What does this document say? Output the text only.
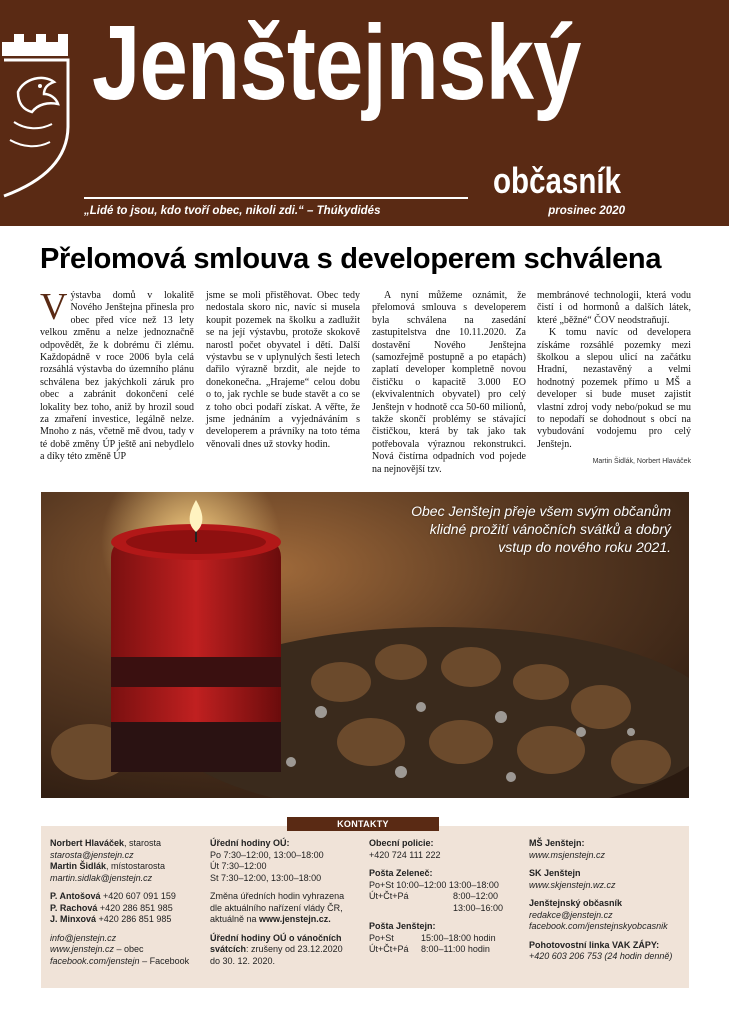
Jenštejnský
občasník
„Lidé to jsou, kdo tvoří obec, nikoli zdi.“ – Thúkydidés	prosinec 2020
Přelomová smlouva s developerem schválena

Výstavba domů v lokalitě Nového Jenštejna přinesla pro obec před více než 13 lety velkou změnu a nelze jednoznačně odpovědět, že k dobrému či zlému. Každopádně v roce 2006 byla celá rozsáhlá výstavba do územního plánu schválena bez jakýchkoli záruk pro obec a zabránit dokončení celé lokality bez toho, aniž by hrozil soud za zmaření investice, legálně nelze. Mnoho z nás, včetně mě dvou, tady v té době změny ÚP ještě ani nebydlelo a díky této změně ÚP

jsme se moli přistěhovat. Obec tedy nedostala skoro nic, navíc si musela koupit pozemek na školku a zadlužit se na její výstavbu, protože skokově narostl počet obyvatel i dětí. Další výstavbu se v uplynulých šesti letech dařilo výrazně brzdit, ale nejde to donekonečna. „Hrajeme“ celou dobu o to, jak rychle se bude stavět a co se z toho obci podaří získat. A věřte, že jsme jednáním a vyjednáváním s developerem a právníky na toto téma věnovali dnes už stovky hodin.

A nyní můžeme oznámit, že přelomová smlouva s developerem byla schválena na zasedání zastupitelstva dne 10.11.2020. Za dostavění Nového Jenštejna (samozřejmě postupně a po etapách) zaplatí developer kompletně novou čističku o kapacitě 3.000 EO (ekvivalentních obyvatel) pro celý Jenštejn v hodnotě cca 50-60 milionů, takže skončí problémy se stávající čističkou, která by tak jako tak potřebovala výraznou rekonstrukci. Nová čistírna odpadních vod pojede na nejnovější tzv.

membránové technologii, která vodu čistí i od hormonů a dalších látek, které „běžné“ ČOV neodstraňují.

K tomu navíc od developera získáme rozsáhlé pozemky mezi školkou a slepou ulicí na začátku Hradní, nezastavěný a velmi hodnotný pozemek přímo u MŠ a developer si bude muset zajistit vlastní zdroj vody nebo/pokud se mu to nepodaří se dohodnout s obcí na vybudování vodojemu pro celý Jenštejn.

Martin Šidlák, Norbert Hlaváček
Obec Jenštejn přeje všem svým občanům
klidné prožití vánočních svátků a dobrý
vstup do nového roku 2021.
KONTAKTY
Norbert Hlaváček, starosta
starosta@jenstejn.cz
Martin Šidlák, místostarosta
martin.sidlak@jenstejn.cz
P. Antošová +420 607 091 159
P. Rachová +420 286 851 985
J. Minxová +420 286 851 985
info@jenstejn.cz
www.jenstejn.cz – obec
facebook.com/jenstejn – Facebook
Úřední hodiny OÚ:
Po 7:30–12:00, 13:00–18:00
Út 7:30–12:00
St 7:30–12:00, 13:00–18:00
Změna úředních hodin vyhrazena
dle aktuálního nařízení vlády ČR,
aktuálně na www.jenstejn.cz.
Úřední hodiny OÚ o vánočních
svátcích: zrušeny od 23.12.2020
do 30. 12. 2020.
Obecní policie:
+420 724 111 222
Pošta Zeleneč:
Po+St 10:00–12:00 13:00–18:00
Út+Čt+Pá	8:00–12:00
13:00–16:00
Pošta Jenštejn:
Po+St	15:00–18:00 hodin
Út+Čt+Pá 8:00–11:00 hodin
MŠ Jenštejn:
www.msjenstejn.cz
SK Jenštejn
www.skjenstejn.wz.cz
Jenštejnský občasník
redakce@jenstejn.cz
facebook.com/jenstejnskyobcasnik
Pohotovostní linka VAK ZÁPY:
+420 603 206 753 (24 hodin denně)
